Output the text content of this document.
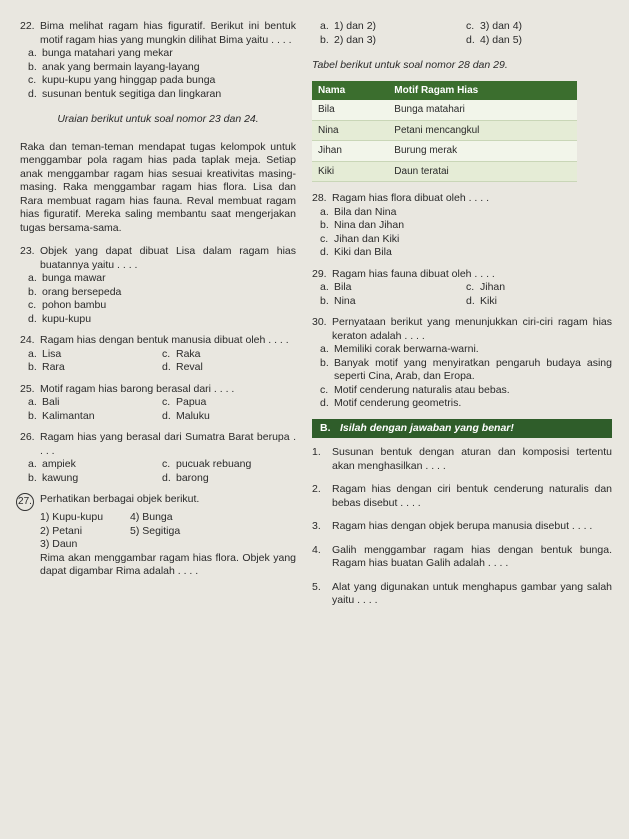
22. Bima melihat ragam hias figuratif. Berikut ini bentuk motif ragam hias yang mungkin dilihat Bima yaitu . . . .
a. bunga matahari yang mekar
b. anak yang bermain layang-layang
c. kupu-kupu yang hinggap pada bunga
d. susunan bentuk segitiga dan lingkaran
Uraian berikut untuk soal nomor 23 dan 24.
Raka dan teman-teman mendapat tugas kelompok untuk menggambar pola ragam hias pada taplak meja. Setiap anak menggambar ragam hias sesuai kreativitas masing-masing. Raka menggambar ragam hias flora. Lisa dan Rara membuat ragam hias fauna. Reval membuat ragam hias figuratif. Mereka saling membantu saat mengerjakan tugas bersama-sama.
23. Objek yang dapat dibuat Lisa dalam ragam hias buatannya yaitu . . . .
a. bunga mawar
b. orang bersepeda
c. pohon bambu
d. kupu-kupu
24. Ragam hias dengan bentuk manusia dibuat oleh . . . .
a. Lisa	c. Raka
b. Rara	d. Reval
25. Motif ragam hias barong berasal dari . . . .
a. Bali	c. Papua
b. Kalimantan	d. Maluku
26. Ragam hias yang berasal dari Sumatra Barat berupa . . . .
a. ampiek	c. pucuak rebuang
b. kawung	d. barong
27. Perhatikan berbagai objek berikut.
1) Kupu-kupu	4) Bunga
2) Petani	5) Segitiga
3) Daun
Rima akan menggambar ragam hias flora. Objek yang dapat digambar Rima adalah . . . .
a. 1) dan 2)	c. 3) dan 4)
b. 2) dan 3)	d. 4) dan 5)
Tabel berikut untuk soal nomor 28 dan 29.
Nama	Motif Ragam Hias
Bila	Bunga matahari
Nina	Petani mencangkul
Jihan	Burung merak
Kiki	Daun teratai
28. Ragam hias flora dibuat oleh . . . .
a. Bila dan Nina
b. Nina dan Jihan
c. Jihan dan Kiki
d. Kiki dan Bila
29. Ragam hias fauna dibuat oleh . . . .
a. Bila	c. Jihan
b. Nina	d. Kiki
30. Pernyataan berikut yang menunjukkan ciri-ciri ragam hias keraton adalah . . . .
a. Memiliki corak berwarna-warni.
b. Banyak motif yang menyiratkan pengaruh budaya asing seperti Cina, Arab, dan Eropa.
c. Motif cenderung naturalis atau bebas.
d. Motif cenderung geometris.
B. Isilah dengan jawaban yang benar!
1.	Susunan bentuk dengan aturan dan komposisi tertentu akan menghasilkan . . . .
2.	Ragam hias dengan ciri bentuk cenderung naturalis dan bebas disebut . . . .
3.	Ragam hias dengan objek berupa manusia disebut . . . .
4.	Galih menggambar ragam hias dengan bentuk bunga. Ragam hias buatan Galih adalah . . . .
5.	Alat yang digunakan untuk menghapus gambar yang salah yaitu . . . .
